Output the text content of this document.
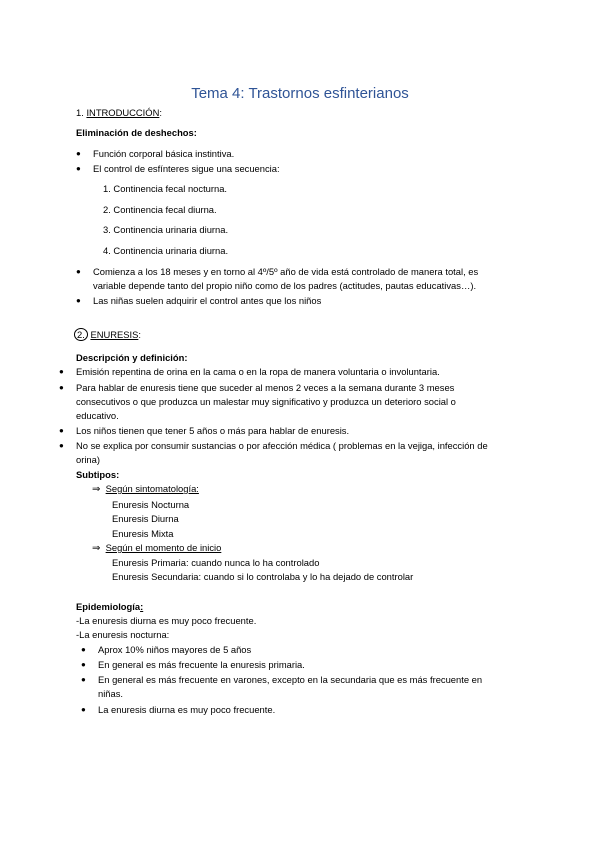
Tema 4: Trastornos esfinterianos
1. INTRODUCCIÓN:
Eliminación de deshechos:
● Función corporal básica instintiva.
● El control de esfínteres sigue una secuencia:
1. Continencia fecal nocturna.
2. Continencia fecal diurna.
3. Continencia urinaria diurna.
4. Continencia urinaria diurna.
● Comienza a los 18 meses y en torno al 4º/5º año de vida está controlado de manera total, es
variable depende tanto del propio niño como de los padres (actitudes, pautas educativas…).
● Las niñas suelen adquirir el control antes que los niños
2. ENURESIS:
Descripción y definición:
● Emisión repentina de orina en la cama o en la ropa de manera voluntaria o involuntaria.
● Para hablar de enuresis tiene que suceder al menos 2 veces a la semana durante 3 meses
consecutivos o que produzca un malestar muy significativo y produzca un deterioro social o
educativo.
● Los niños tienen que tener 5 años o más para hablar de enuresis.
● No se explica por consumir sustancias o por afección médica ( problemas en la vejiga, infección de
orina)
Subtipos:
⇒ Según sintomatología:
Enuresis Nocturna
Enuresis Diurna
Enuresis Mixta
⇒ Según el momento de inicio
Enuresis Primaria: cuando nunca lo ha controlado
Enuresis Secundaria: cuando si lo controlaba y lo ha dejado de controlar
Epidemiología:
-La enuresis diurna es muy poco frecuente.
-La enuresis nocturna:
● Aprox 10% niños mayores de 5 años
● En general es más frecuente la enuresis primaria.
● En general es más frecuente en varones, excepto en la secundaria que es más frecuente en
niñas.
● La enuresis diurna es muy poco frecuente.
